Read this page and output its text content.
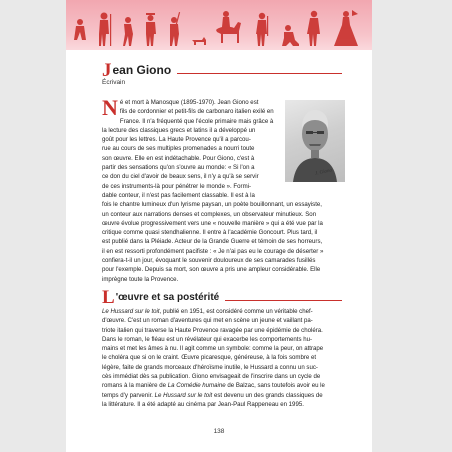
J ean Giono
Écrivain
J. Giono
N é et mort à Manosque (1895-1970). Jean Giono est
fils de cordonnier et petit-fils de carbonaro italien exilé en
France. Il n'a fréquenté que l'école primaire mais grâce à
la lecture des classiques grecs et latins il a développé un
goût pour les lettres. La Haute Provence qu'il a parcou-
rue au cours de ses multiples promenades a nourri toute
son œuvre. Elle en est indétachable. Pour Giono, c'est à
partir des sensations qu'on s'ouvre au monde: « Si l'on a
ce don du ciel d'avoir de beaux sens, il n'y a qu'à se servir
de ces instruments-là pour pénétrer le monde ». Formi-
dable conteur, il n'est pas facilement classable. Il est à la
fois le chantre lumineux d'un lyrisme paysan, un poète bouillonnant, un essayiste,
un conteur aux narrations denses et complexes, un observateur minutieux. Son
œuvre évolue progressivement vers une « nouvelle manière » qui a été vue par la
critique comme quasi stendhalienne. Il entre à l'académie Goncourt. Plus tard, il
est publié dans la Pléiade. Acteur de la Grande Guerre et témoin de ses horreurs,
il en est ressorti profondément pacifiste : « Je n'ai pas eu le courage de déserter »
confiera-t-il un jour, évoquant le souvenir douloureux de ses camarades fusillés
pour l'exemple. Depuis sa mort, son œuvre a pris une ampleur considérable. Elle
imprègne toute la Provence.
L 'œuvre et sa postérité
Le Hussard sur le toit, publié en 1951, est considéré comme un véritable chef-
d'œuvre. C'est un roman d'aventures qui met en scène un jeune et vaillant pa-
triote italien qui traverse la Haute Provence ravagée par une épidémie de choléra.
Dans le roman, le fléau est un révélateur qui exacerbe les comportements hu-
mains et met les âmes à nu. Il agit comme un symbole: comme la peur, on attrape
le choléra que si on le craint. Œuvre picaresque, généreuse, à la fois sombre et
légère, faite de grands morceaux d'héroïsme inutile, le Hussard a connu un suc-
cès immédiat dès sa publication. Giono envisageait de l'inscrire dans un cycle de
romans à la manière de La Comédie humaine de Balzac, sans toutefois avoir eu le
temps d'y parvenir. Le Hussard sur le toit est devenu un des grands classiques de
la littérature. Il a été adapté au cinéma par Jean-Paul Rappeneau en 1995.
138
